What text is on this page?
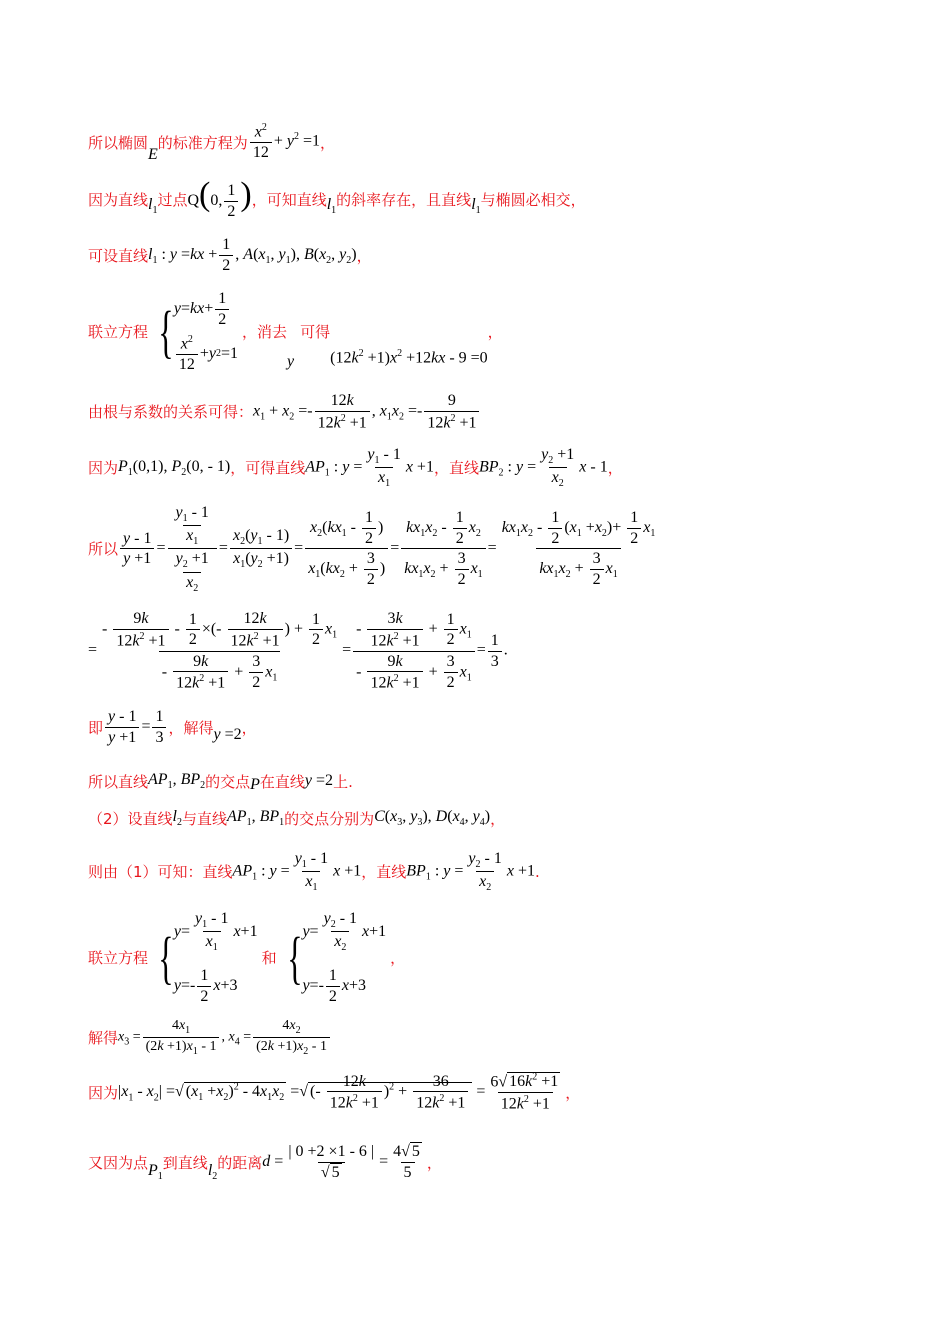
所以椭圆
E
的标准方程为 $\frac{x^2}{12} + y^2 =1$ ，
因为直线 $l_1$
过点 Q(0, $\frac{1}{2}$ ) ，可知直线 $l_1$
的斜率存在，且直线 $l_1$
与椭圆必相交，
可设直线 $l_1$ : $y =kx + \frac{1}{2}$ , $A(x_1$, $y_1$), $B(x_2$, $y_2$) ，
联立方程 { y = kx + $\frac{1}{2}$
$\frac{x^2}{12} + y$ 2 =1
，消去
y
可得
$(12k^2 +1)x^2 +12kx - 9 =0$
，
由根与系数的关系可得： $x_1 + x_2 =- \frac{12k}{12k^2 +1}$ , $x_1x_2 =- \frac{9}{12k^2 +1}$
因为 $P_1(0,1)$, $P_2(0$, - 1) ，可得直线 $AP_1$ : $y = \frac{y_1 - 1}{x_1}$ x +1 ，直线 $BP_2$ : $y = \frac{y_2 +1}{x_2}$ x - 1 ，
所以 $\frac{y - 1}{y +1} = \frac{\frac{y_1 - 1}{x_1}}{\frac{y_2 +1}{x_2}} = \frac{x_2(y_1 - 1)}{x_1(y_2 +1)} = \frac{x_2(kx_1 - \frac{1}{2} )}{x_1(kx_2 + \frac{3}{2} )} = \frac{kx_1x_2 - \frac{1}{2} x_2}{kx_1x_2 + \frac{3}{2} x_1} = \frac{kx_1x_2 - \frac{1}{2} (x_1 +x_2)+ \frac{1}{2} x_1}{kx_1x_2 + \frac{3}{2} x_1}$
= $\frac{- \frac{9k}{12k^2 +1} - \frac{1}{2} \times(- \frac{12k}{12k^2 +1} ) + \frac{1}{2} x_1}{- \frac{9k}{12k^2 +1} + \frac{3}{2} x_1} = \frac{- \frac{3k}{12k^2 +1} + \frac{1}{2} x_1}{- \frac{9k}{12k^2 +1} + \frac{3}{2} x_1} = \frac{1}{3}$ .
即 $\frac{y - 1}{y +1} = \frac{1}{3}$ ，解得 y =2 ，
所以直线 $AP_1$, $BP_2$ 的交点 P 在直线 y =2 上.
（2）设直线 $l_2$ 与直线 $AP_1$, $BP_1$ 的交点分别为 $C(x_3$, $y_3$), $D(x_4$, $y_4$) ，
则由（1）可知：直线 $AP_1$ : $y = \frac{y_1 - 1}{x_1}$ x +1 ，直线 $BP_1$ : $y = \frac{y_2 - 1}{x_2}$ x +1 .
联立方程 { $y = \frac{y_1 - 1}{x_1}$ x +1
$y =- \frac{1}{2}$ x +3
和 { $y = \frac{y_2 - 1}{x_2}$ x +1
$y =- \frac{1}{2}$ x +3
，
解得 $x_3 = \frac{4x_1}{(2k +1)x_1 - 1}$ , $x_4 = \frac{4x_2}{(2k +1)x_2 - 1}$
因为 $|x_1 - x_2|$ =√ $(x_1 +x_2)^2 - 4x_1x_2$ =√ (- $\frac{12k}{12k^2 +1} )^2 + \frac{36}{12k^2 +1} = \frac{6√ 16k^2 +1}{12k^2 +1}$ ，
又因为点 $P_1$
到直线 $l_2$
的距离 $d = \frac{| 0 +2 \times 1 - 6 |}{√ 5} = \frac{4√ 5}{5}$ ，
